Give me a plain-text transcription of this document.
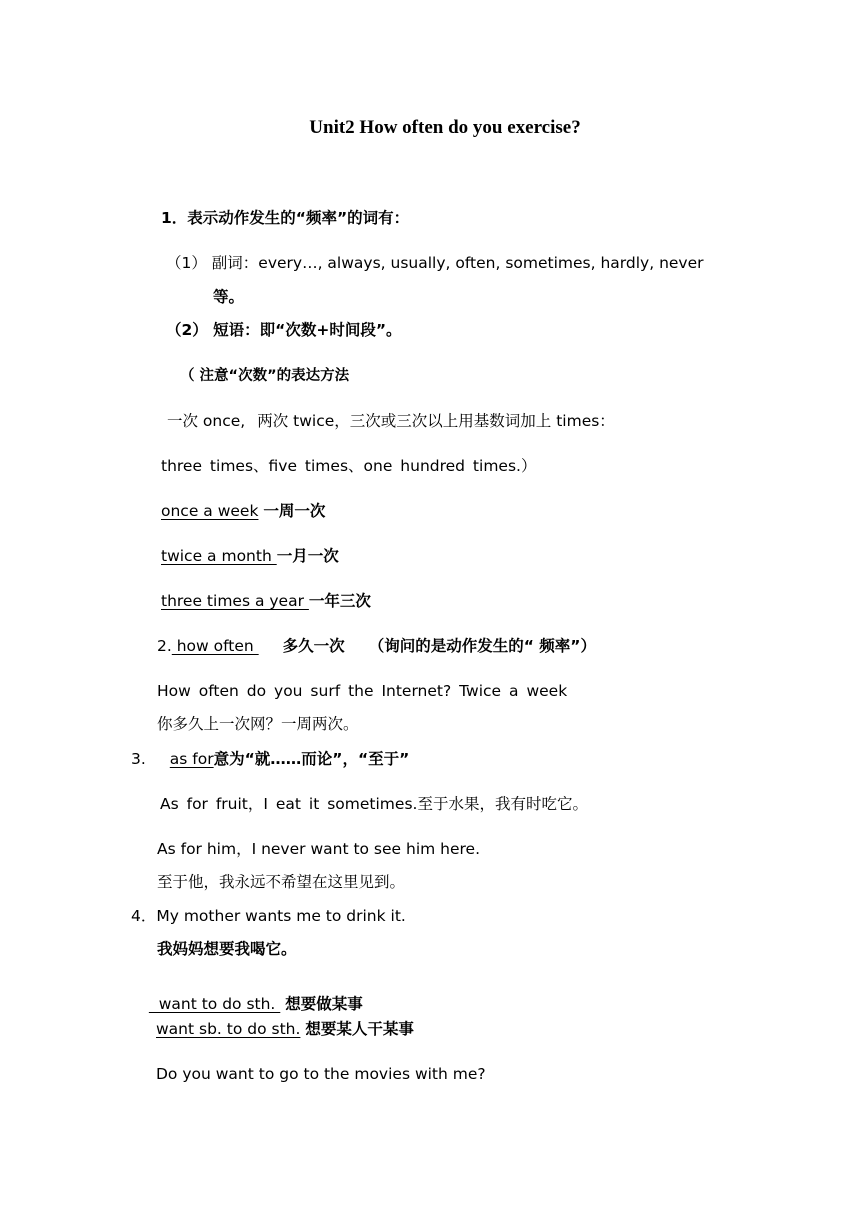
Unit2 How often do you exercise?
1．表示动作发生的“频率”的词有：
（1） 副词：every…, always, usually, often, sometimes, hardly, never
等。
（2） 短语：即“次数+时间段”。
（ 注意“次数”的表达方法
一次 once, 两次 twice，三次或三次以上用基数词加上 times：
three times、five times、one hundred times.）
once a week 一周一次
twice a month 一月一次
three times a year 一年三次
2. how often 多久一次 （询问的是动作发生的“ 频率”）
How often do you surf the Internet? Twice a week
你多久上一次网？一周两次。
3. as for意为“就……而论”，“至于”
As for fruit，I eat it sometimes.至于水果，我有时吃它。
As for him，I never want to see him here.
至于他，我永远不希望在这里见到。
4．My mother wants me to drink it.
我妈妈想要我喝它。

want to do sth.  想要做某事

want sb. to do sth. 想要某人干某事
Do you want to go to the movies with me?
